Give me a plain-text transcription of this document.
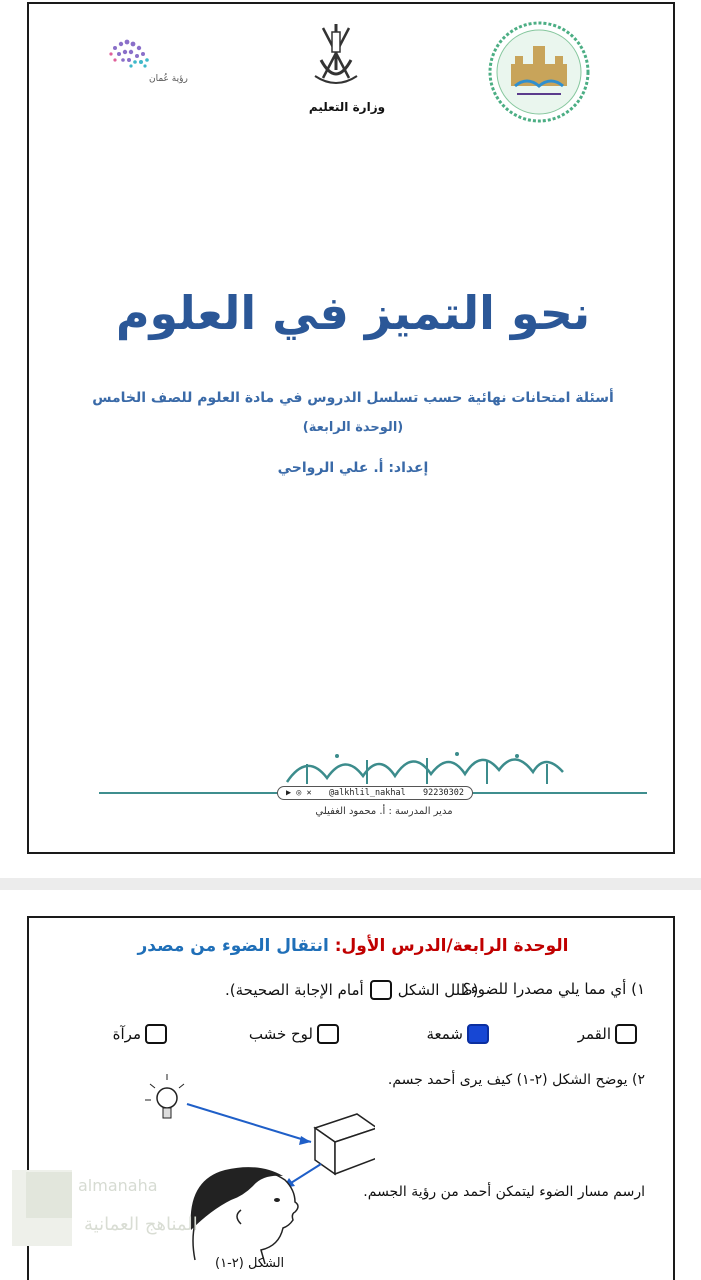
وزارة التعليم
رؤية عُمان
نحو التميز في العلوم
أسئلة امتحانات نهائية حسب تسلسل الدروس في مادة العلوم للصف الخامس
(الوحدة الرابعة)
إعداد: أ. علي الرواحي
▶ ◎ ✕ @alkhlil_nakhal 92230302
مدير المدرسة : أ. محمود الغفيلي
الوحدة الرابعة/الدرس الأول: انتقال الضوء من مصدر
١) أي مما يلي مصدرا للضوء؟
(ظلل الشكل
أمام الإجابة الصحيحة).
القمر
شمعة
لوح خشب
مرآة
٢) يوضح الشكل (٢-١) كيف يرى أحمد جسم.
ارسم مسار الضوء ليتمكن أحمد من رؤية الجسم.
الشكل (٢-١)
almanaha
المناهج العمانية
